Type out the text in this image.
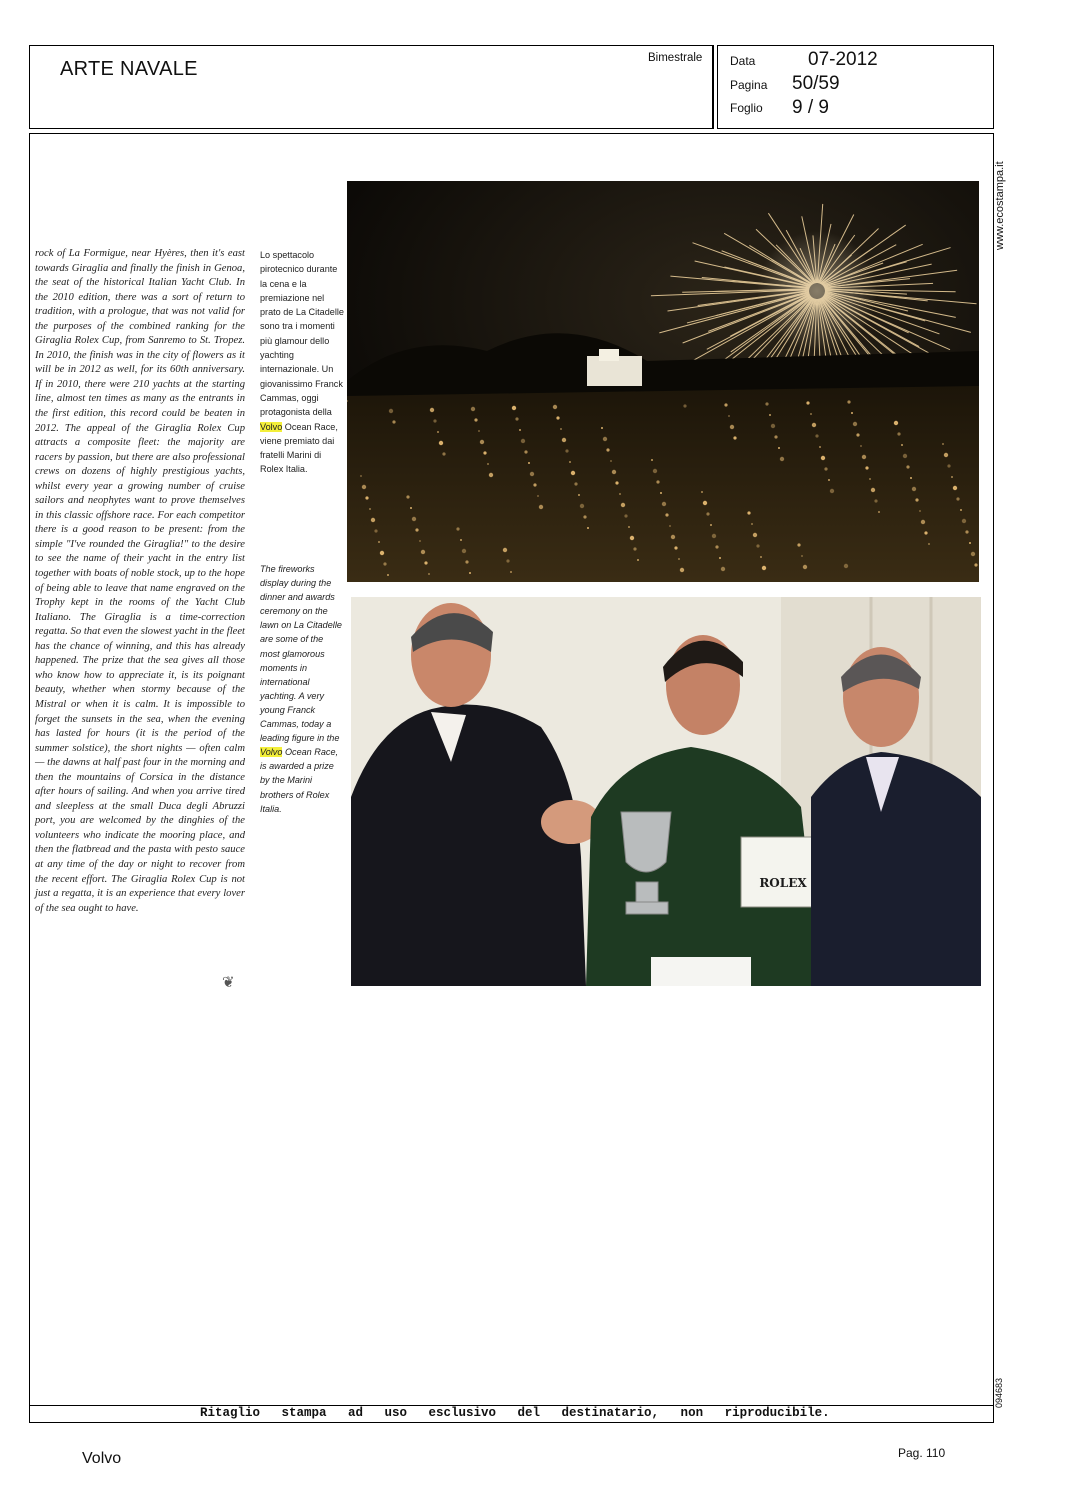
ARTE NAVALE	Bimestrale Data	07-2012
Pagina 50/59
Foglio 9 / 9
www.ecostampa.it
094683
rock of La Formigue, near Hyères, then it's east towards Giraglia and finally the finish in Genoa, the seat of the historical Italian Yacht Club. In the 2010 edition, there was a sort of return to tradition, with a prologue, that was not valid for the purposes of the combined ranking for the Giraglia Rolex Cup, from Sanremo to St. Tropez. In 2010, the finish was in the city of flowers as it will be in 2012 as well, for its 60th anniversary. If in 2010, there were 210 yachts at the starting line, almost ten times as many as the entrants in the first edition, this record could be beaten in 2012. The appeal of the Giraglia Rolex Cup attracts a composite fleet: the majority are racers by passion, but there are also professional crews on dozens of highly prestigious yachts, whilst every year a growing number of cruise sailors and neophytes want to prove themselves in this classic offshore race. For each competitor there is a good reason to be present: from the simple "I've rounded the Giraglia!" to the desire to see the name of their yacht in the entry list together with boats of noble stock, up to the hope of being able to leave that name engraved on the Trophy kept in the rooms of the Yacht Club Italiano. The Giraglia is a time-correction regatta. So that even the slowest yacht in the fleet has the chance of winning, and this has already happened. The prize that the sea gives all those who know how to appreciate it, is its poignant beauty, whether when stormy because of the Mistral or when it is calm. It is impossible to forget the sunsets in the sea, when the evening has lasted for hours (it is the period of the summer solstice), the short nights — often calm — the dawns at half past four in the morning and then the mountains of Corsica in the distance after hours of sailing. And when you arrive tired and sleepless at the small Duca degli Abruzzi port, you are welcomed by the dinghies of the volunteers who indicate the mooring place, and then the flatbread and the pasta with pesto sauce at any time of the day or night to recover from the recent effort. The Giraglia Rolex Cup is not just a regatta, it is an experience that every lover of the sea ought to have.
❦
Lo spettacolo pirotecnico durante la cena e la premiazione nel prato de La Citadelle sono tra i momenti più glamour dello yachting internazionale. Un giovanissimo Franck Cammas, oggi protagonista della Volvo Ocean Race, viene premiato dai fratelli Marini di Rolex Italia.
The fireworks display during the dinner and awards ceremony on the lawn on La Citadelle are some of the most glamorous moments in international yachting. A very young Franck Cammas, today a leading figure in the Volvo Ocean Race, is awarded a prize by the Marini brothers of Rolex Italia.
ROLEX
Ritaglio stampa ad uso esclusivo del destinatario, non riproducibile.
Volvo	Pag. 110
